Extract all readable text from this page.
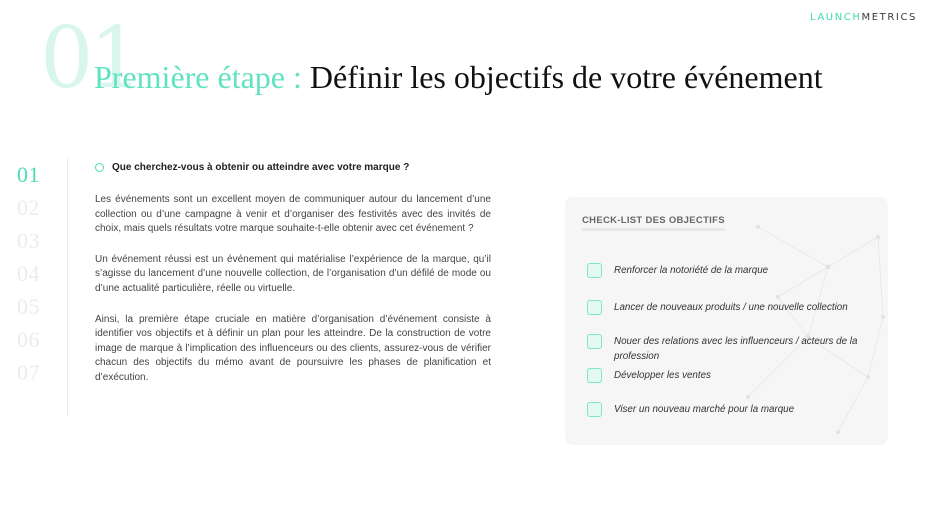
LAUNCHMETRICS
01
Première étape : Définir les objectifs de votre événement
01
02
03
04
05
06
07
Que cherchez-vous à obtenir ou atteindre avec votre marque ?

Les événements sont un excellent moyen de communiquer autour du lancement d’une collection ou d’une campagne à venir et d’organiser des festivités avec des invités de choix, mais quels résultats votre marque souhaite-t-elle obtenir avec cet événement ?

Un événement réussi est un événement qui matérialise l’expérience de la marque, qu’il s’agisse du lancement d’une nouvelle collection, de l’organisation d’un défilé de mode ou d’une actualité particulière, réelle ou virtuelle.

Ainsi, la première étape cruciale en matière d’organisation d’événement consiste à identifier vos objectifs et à définir un plan pour les atteindre. De la construction de votre image de marque à l’implication des influenceurs ou des clients, assurez-vous de vérifier chacun des objectifs du mémo avant de poursuivre les phases de planification et d’exécution.

CHECK-LIST DES OBJECTIFS
Renforcer la notoriété de la marque
Lancer de nouveaux produits / une nouvelle collection
Nouer des relations avec les influenceurs / acteurs de la profession
Développer les ventes
Viser un nouveau marché pour la marque
